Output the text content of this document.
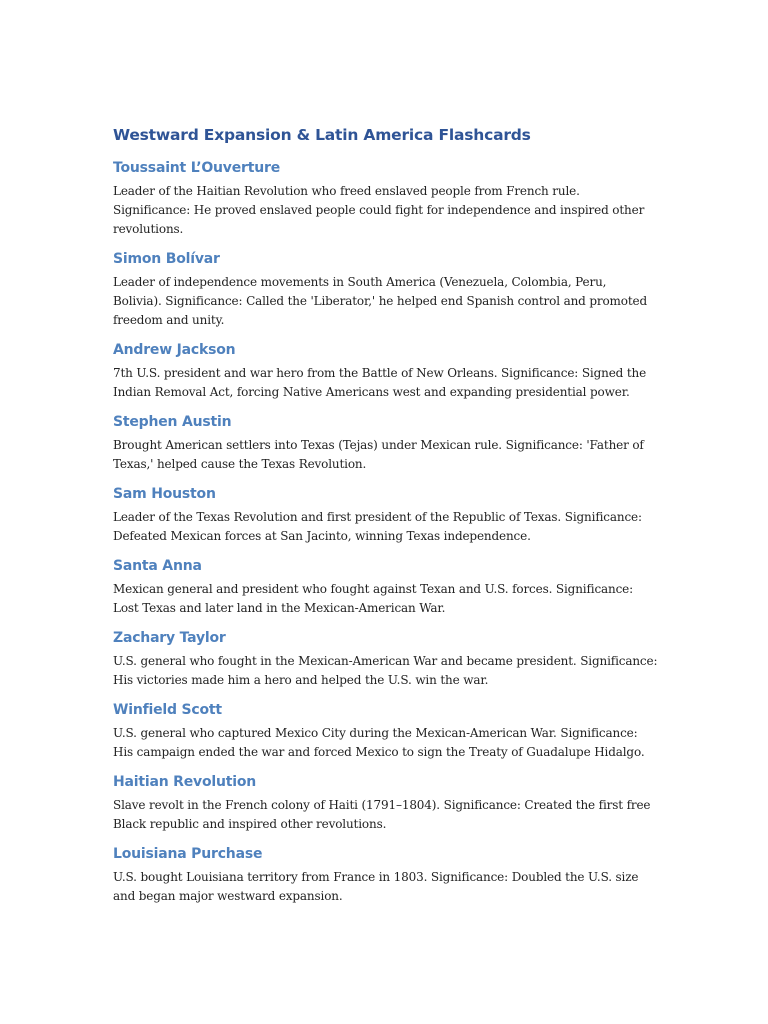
Westward Expansion & Latin America Flashcards
Toussaint L’Ouverture

Leader of the Haitian Revolution who freed enslaved people from French rule. Significance: He proved enslaved people could fight for independence and inspired other revolutions.

Simon Bolívar

Leader of independence movements in South America (Venezuela, Colombia, Peru, Bolivia). Significance: Called the 'Liberator,' he helped end Spanish control and promoted freedom and unity.

Andrew Jackson

7th U.S. president and war hero from the Battle of New Orleans. Significance: Signed the Indian Removal Act, forcing Native Americans west and expanding presidential power.

Stephen Austin

Brought American settlers into Texas (Tejas) under Mexican rule. Significance: 'Father of Texas,' helped cause the Texas Revolution.

Sam Houston

Leader of the Texas Revolution and first president of the Republic of Texas. Significance: Defeated Mexican forces at San Jacinto, winning Texas independence.

Santa Anna

Mexican general and president who fought against Texan and U.S. forces. Significance: Lost Texas and later land in the Mexican-American War.

Zachary Taylor

U.S. general who fought in the Mexican-American War and became president. Significance: His victories made him a hero and helped the U.S. win the war.

Winfield Scott

U.S. general who captured Mexico City during the Mexican-American War. Significance: His campaign ended the war and forced Mexico to sign the Treaty of Guadalupe Hidalgo.

Haitian Revolution

Slave revolt in the French colony of Haiti (1791–1804). Significance: Created the first free Black republic and inspired other revolutions.

Louisiana Purchase

U.S. bought Louisiana territory from France in 1803. Significance: Doubled the U.S. size and began major westward expansion.
